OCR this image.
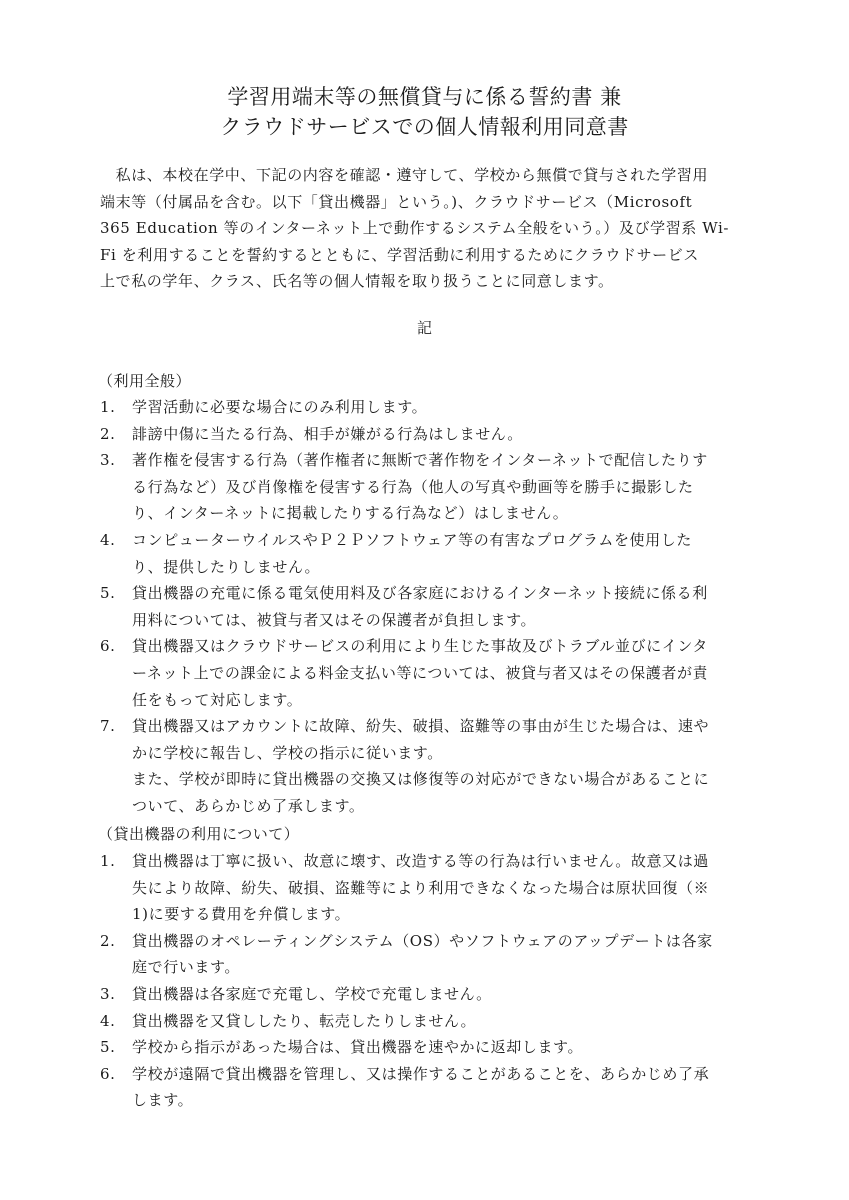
学習用端末等の無償貸与に係る誓約書 兼
クラウドサービスでの個人情報利用同意書
　私は、本校在学中、下記の内容を確認・遵守して、学校から無償で貸与された学習用
端末等（付属品を含む。以下「貸出機器」という。)、クラウドサービス（Microsoft
365 Education 等のインターネット上で動作するシステム全般をいう。）及び学習系 Wi-
Fi を利用することを誓約するとともに、学習活動に利用するためにクラウドサービス
上で私の学年、クラス、氏名等の個人情報を取り扱うことに同意します。
記
（利用全般）
1.	学習活動に必要な場合にのみ利用します。
2.	誹謗中傷に当たる行為、相手が嫌がる行為はしません。
3.	著作権を侵害する行為（著作権者に無断で著作物をインターネットで配信したりす
る行為など）及び肖像権を侵害する行為（他人の写真や動画等を勝手に撮影した
り、インターネットに掲載したりする行為など）はしません。
4.	コンピューターウイルスやＰ２Ｐソフトウェア等の有害なプログラムを使用した
り、提供したりしません。
5.	貸出機器の充電に係る電気使用料及び各家庭におけるインターネット接続に係る利
用料については、被貸与者又はその保護者が負担します。
6.	貸出機器又はクラウドサービスの利用により生じた事故及びトラブル並びにインタ
ーネット上での課金による料金支払い等については、被貸与者又はその保護者が責
任をもって対応します。
7.	貸出機器又はアカウントに故障、紛失、破損、盗難等の事由が生じた場合は、速や
かに学校に報告し、学校の指示に従います。
また、学校が即時に貸出機器の交換又は修復等の対応ができない場合があることに
ついて、あらかじめ了承します。
（貸出機器の利用について）
1.	貸出機器は丁寧に扱い、故意に壊す、改造する等の行為は行いません。故意又は過
失により故障、紛失、破損、盗難等により利用できなくなった場合は原状回復（※
1)に要する費用を弁償します。
2.	貸出機器のオペレーティングシステム（OS）やソフトウェアのアップデートは各家
庭で行います。
3.	貸出機器は各家庭で充電し、学校で充電しません。
4.	貸出機器を又貸ししたり、転売したりしません。
5.	学校から指示があった場合は、貸出機器を速やかに返却します。
6.	学校が遠隔で貸出機器を管理し、又は操作することがあることを、あらかじめ了承
します。
